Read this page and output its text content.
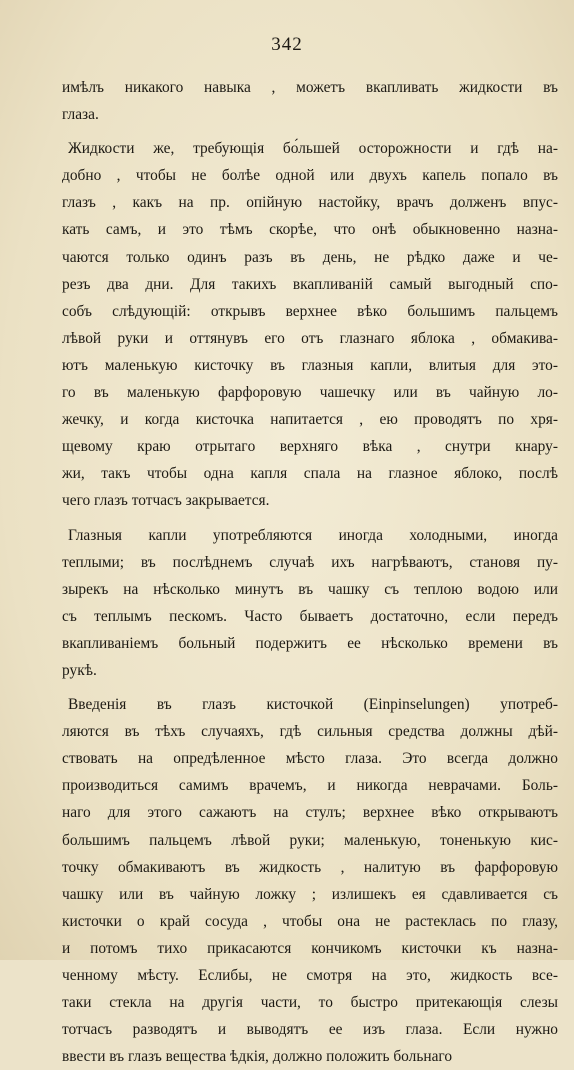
342

имѣлъ никакого навыка , можетъ вкапливать жидкости въ
глаза.

Жидкости же, требующія бо́льшей осторожности и гдѣ на-
добно , чтобы не болѣе одной или двухъ капель попало въ
глазъ , какъ на пр. опійную настойку, врачъ долженъ впус-
кать самъ, и это тѣмъ скорѣе, что онѣ обыкновенно назна-
чаются только одинъ разъ въ день, не рѣдко даже и че-
резъ два дни. Для такихъ вкапливаній самый выгодный спо-
собъ слѣдующій: открывъ верхнее вѣко большимъ пальцемъ
лѣвой руки и оттянувъ его отъ глазнаго яблока , обмакива-
ютъ маленькую кисточку въ глазныя капли, влитыя для это-
го въ маленькую фарфоровую чашечку или въ чайную ло-
жечку, и когда кисточка напитается , ею проводятъ по хря-
щевому краю отрытагo верхняго вѣка , снутри кнару-
жи, такъ чтобы одна капля спала на глазное яблоко, послѣ
чего глазъ тотчасъ закрывается.

Глазныя капли употребляются иногда холодными, иногда
теплыми; въ послѣднемъ случаѣ ихъ нагрѣваютъ, становя пу-
зырекъ на нѣсколько минутъ въ чашку съ теплою водою или
съ теплымъ пескомъ. Часто бываетъ достаточно, если передъ
вкапливаніемъ больный подержитъ ее нѣсколько времени въ
рукѣ.

Введенія въ глазъ кисточкой (Einpinselungen) употреб-
ляются въ тѣхъ случаяхъ, гдѣ сильныя средства должны дѣй-
ствовать на опредѣленное мѣсто глаза. Это всегда должно
производиться самимъ врачемъ, и никогда невpачами. Боль-
наго для этого сажаютъ на стулъ; верхнее вѣко открываютъ
большимъ пальцемъ лѣвой руки; маленькую, тоненькую кис-
точку обмакиваютъ въ жидкость , налитую въ фарфоровую
чашку или въ чайную ложку ; излишекъ ея сдавливается съ
кисточки о край сосуда , чтобы она не растеклась по глазу,
и потомъ тихо прикасаются кончикомъ кисточки къ назна-
ченному мѣсту. Еслибы, не смотря на это, жидкость все-
таки стекла на другія части, то быстро притекающія слезы
тотчасъ разводятъ и выводятъ ее изъ глаза. Если нужно
ввести въ глазъ вещества ѣдкія, должно положить больнаго
